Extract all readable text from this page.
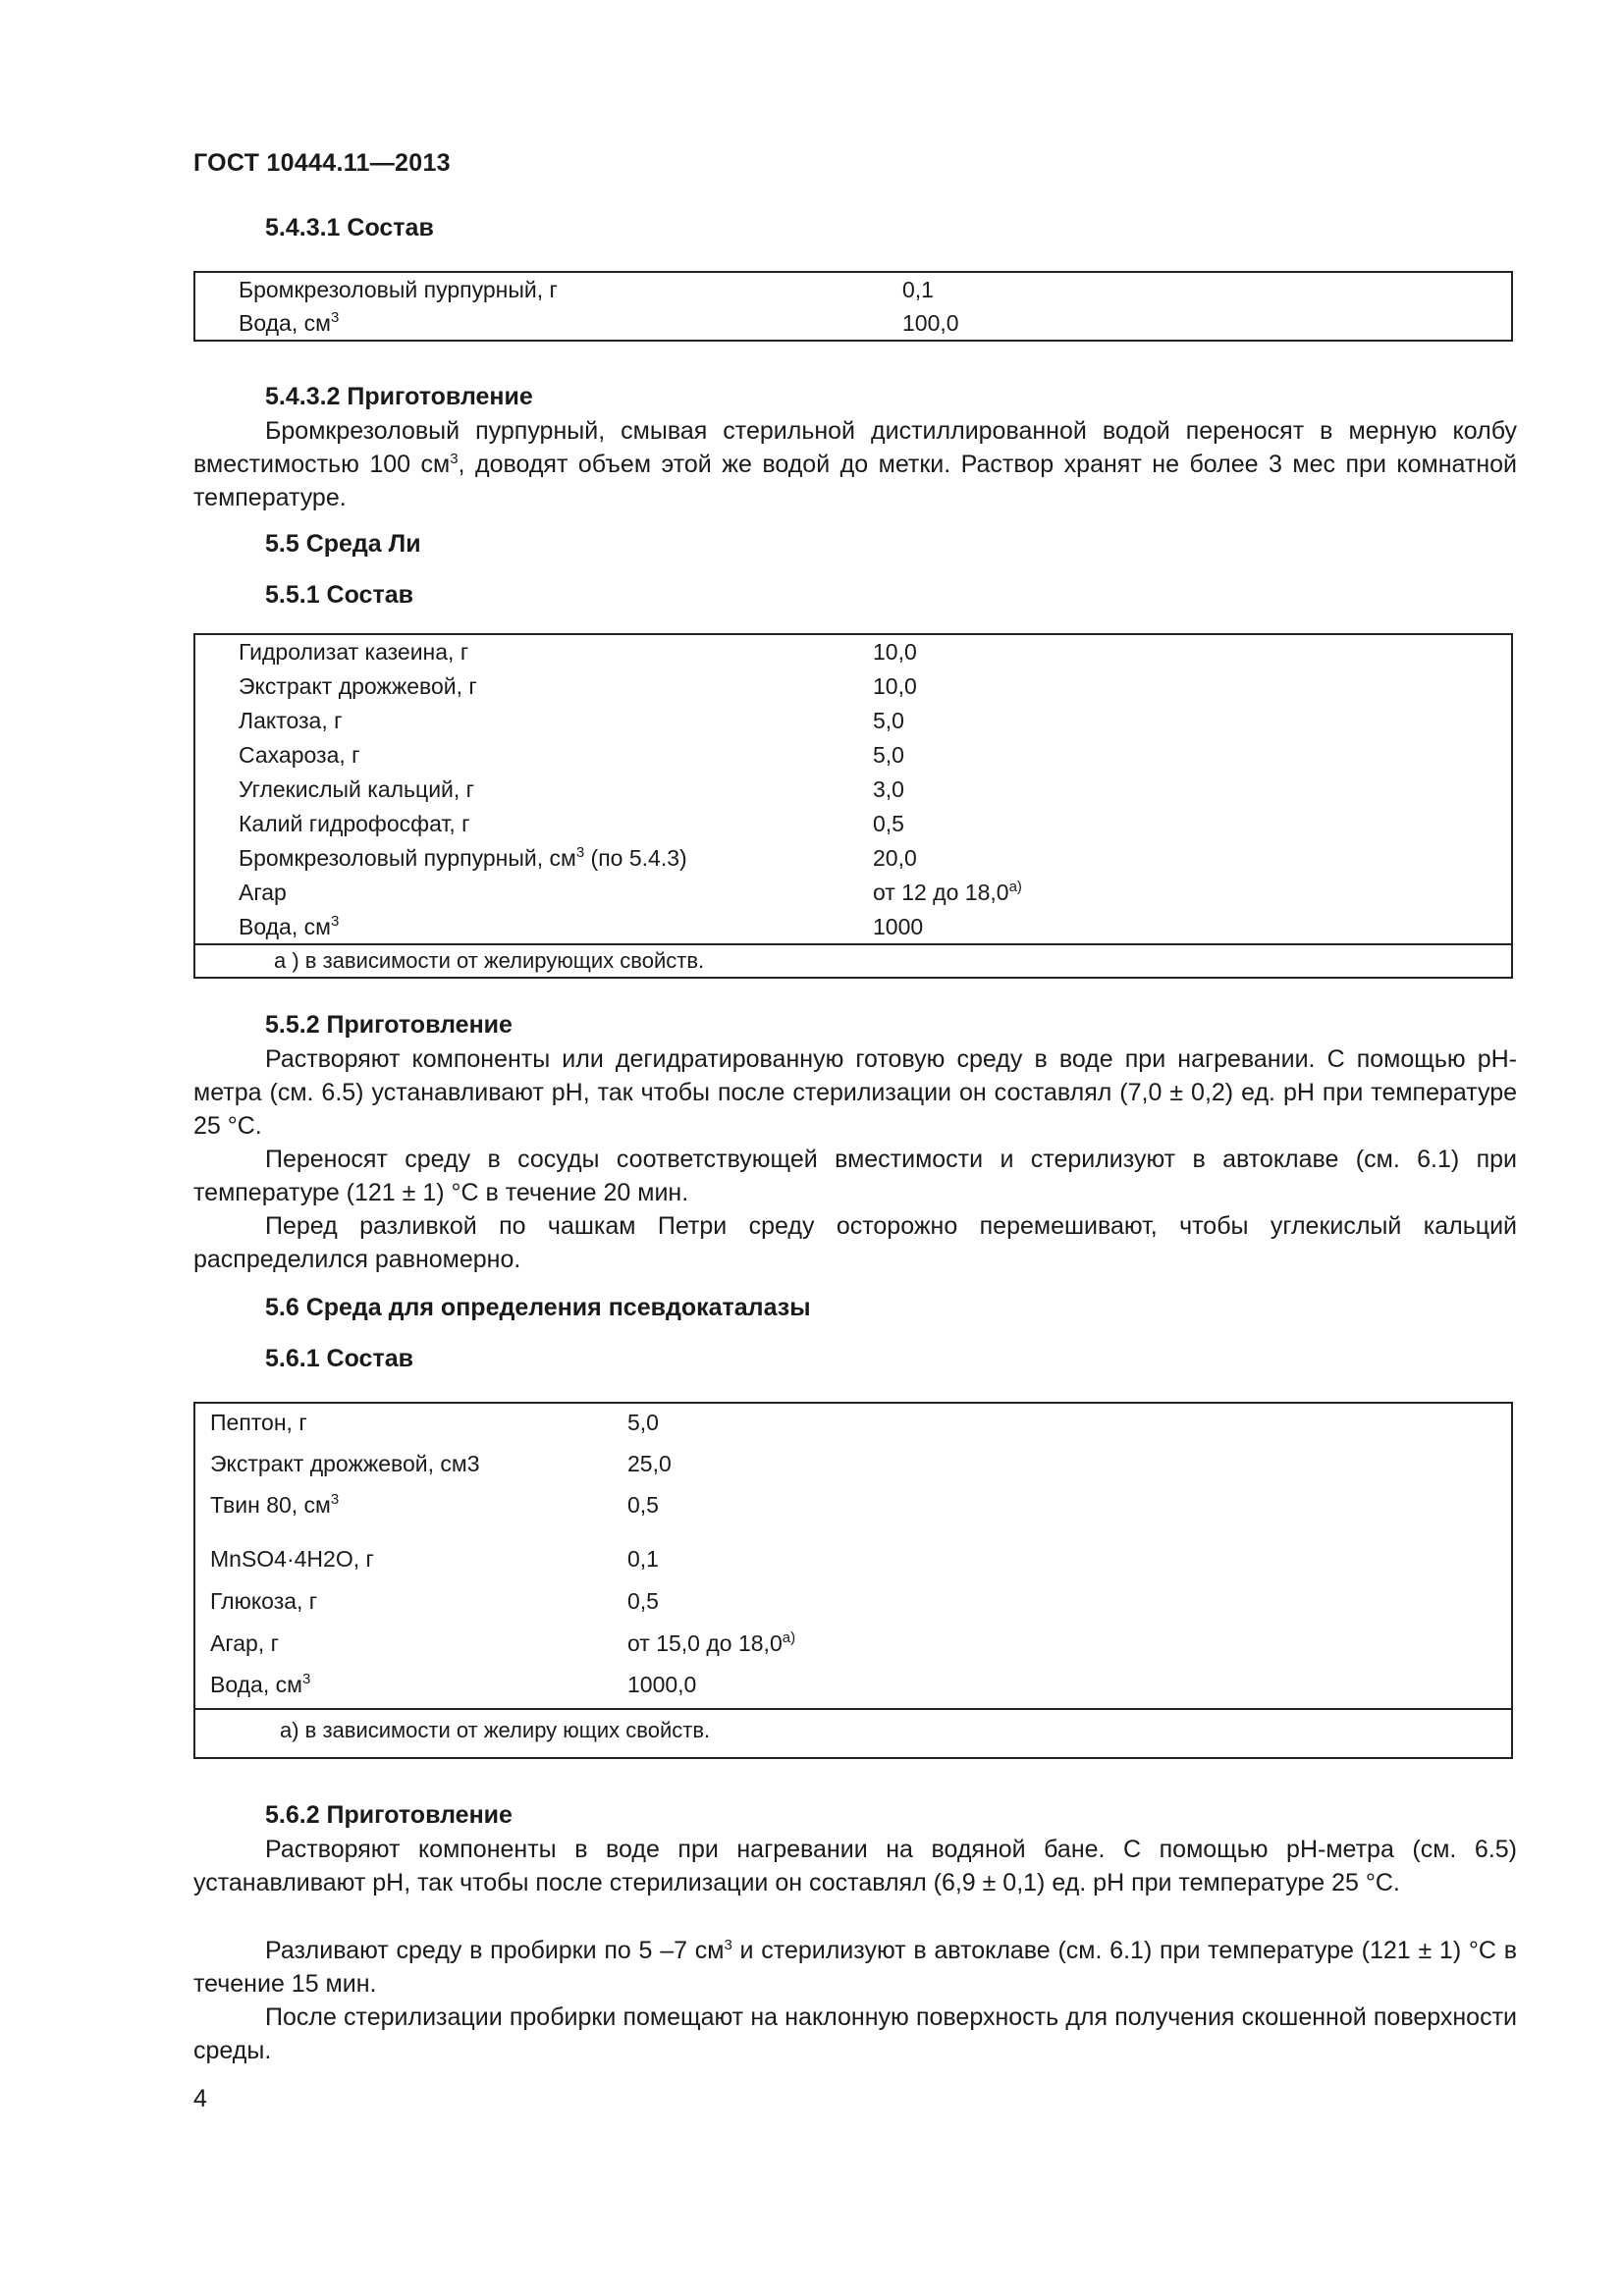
ГОСТ 10444.11—2013
5.4.3.1 Состав
Бромкрезоловый пурпурный, г	0,1
Вода, $см^3$	100,0
5.4.3.2 Приготовление
Бромкрезоловый пурпурный, смывая стерильной дистиллированной водой переносят в мерную колбу вместимостью 100 $см^3$, доводят объем этой же водой до метки. Раствор хранят не более 3 мес при комнатной температуре.
5.5 Среда Ли
5.5.1 Состав
Гидролизат казеина, г	10,0
Экстракт дрожжевой, г	10,0
Лактоза, г	5,0
Сахароза, г	5,0
Углекислый кальций, г	3,0
Калий гидрофосфат, г	0,5
Бромкрезоловый пурпурный, $см^3$ (по 5.4.3)	20,0
Агар	от 12 до $18,0^{а)}$
Вода, $см^3$	1000
а ) в зависимости от желирующих свойств.
5.5.2 Приготовление
Растворяют компоненты или дегидратированную готовую среду в воде при нагревании. С помощью pH-метра (см. 6.5) устанавливают pH, так чтобы после стерилизации он составлял (7,0 ± 0,2) ед. pH при температуре 25 °C.
Переносят среду в сосуды соответствующей вместимости и стерилизуют в автоклаве (см. 6.1) при температуре (121 ± 1) °C в течение 20 мин.
Перед разливкой по чашкам Петри среду осторожно перемешивают, чтобы углекислый кальций распределился равномерно.
5.6 Среда для определения псевдокаталазы
5.6.1 Состав
Пептон, г	5,0
Экстракт дрожжевой, см3	25,0
Твин 80, $см^3$	0,5
MnSO4·4H2O, г	0,1
Глюкоза, г	0,5
Агар, г	от 15,0 до $18,0^{а)}$
Вода, $см^3$	1000,0
а) в зависимости от желиру ющих свойств.
5.6.2 Приготовление
Растворяют компоненты в воде при нагревании на водяной бане. С помощью pH-метра (см. 6.5) устанавливают pH, так чтобы после стерилизации он составлял (6,9 ± 0,1) ед. pH при температуре 25 °C.
Разливают среду в пробирки по 5 –7 $см^3$ и стерилизуют в автоклаве (см. 6.1) при температуре (121 ± 1) °C в течение 15 мин.
После стерилизации пробирки помещают на наклонную поверхность для получения скошенной поверхности среды.
4
